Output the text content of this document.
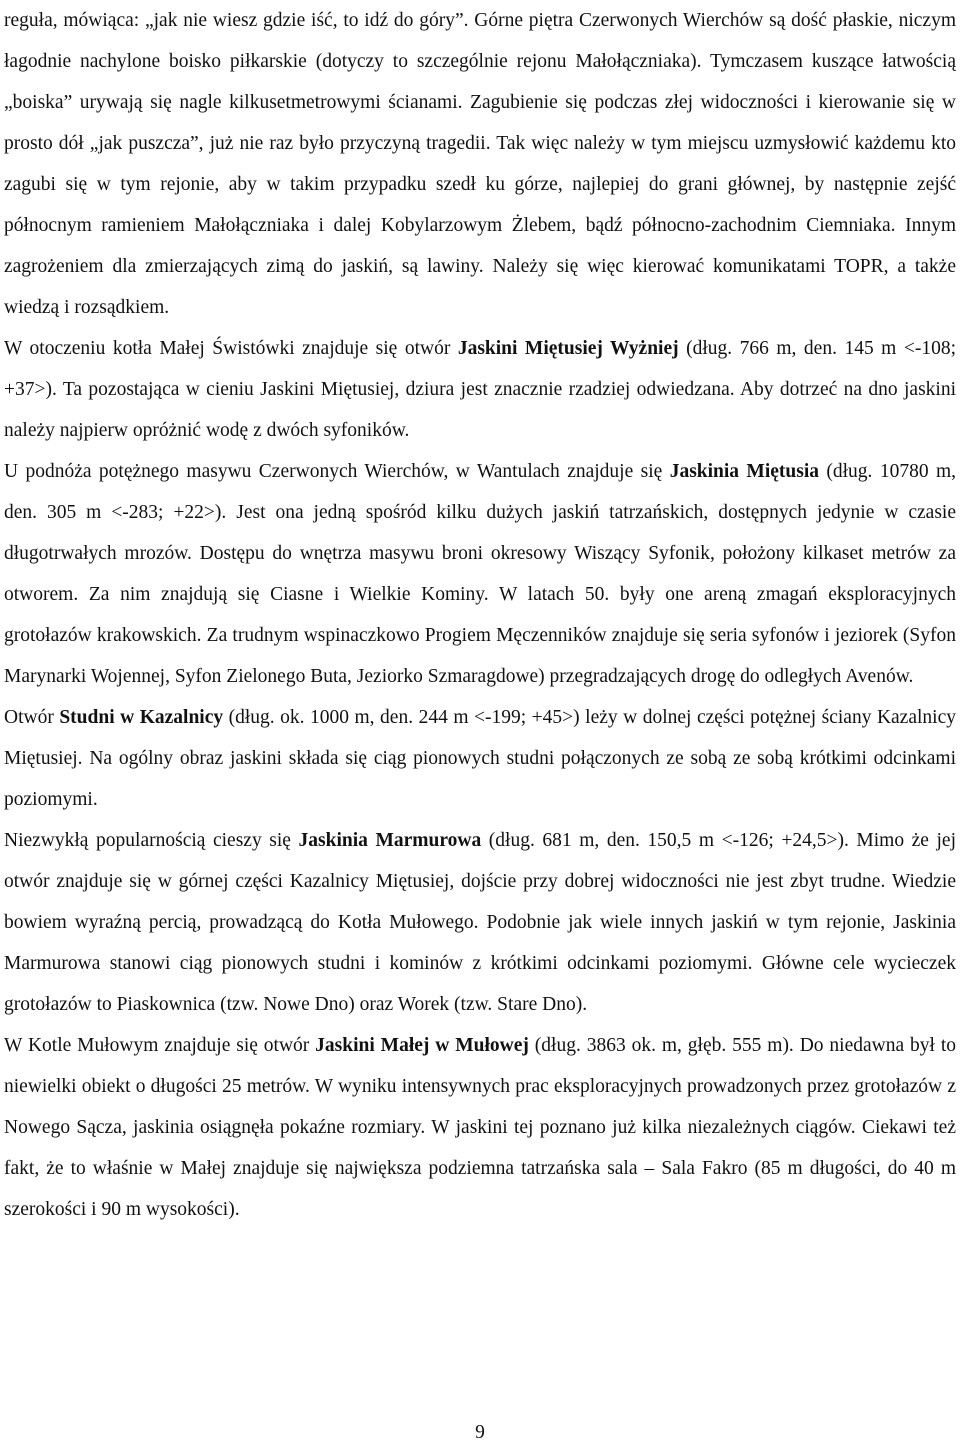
reguła, mówiąca: „jak nie wiesz gdzie iść, to idź do góry”. Górne piętra Czerwonych Wierchów są dość płaskie, niczym łagodnie nachylone boisko piłkarskie (dotyczy to szczególnie rejonu Małołączniaka). Tymczasem kuszące łatwością „boiska” urywają się nagle kilkusetmetrowymi ścianami. Zagubienie się podczas złej widoczności i kierowanie się w prosto dół „jak puszcza”, już nie raz było przyczyną tragedii. Tak więc należy w tym miejscu uzmysłowić każdemu kto zagubi się w tym rejonie, aby w takim przypadku szedł ku górze, najlepiej do grani głównej, by następnie zejść północnym ramieniem Małołączniaka i dalej Kobylarzowym Żlebem, bądź północno-zachodnim Ciemniaka. Innym zagrożeniem dla zmierzających zimą do jaskiń, są lawiny. Należy się więc kierować komunikatami TOPR, a także wiedzą i rozsądkiem.

W otoczeniu kotła Małej Świstówki znajduje się otwór Jaskini Miętusiej Wyżniej (dług. 766 m, den. 145 m <-108; +37>). Ta pozostająca w cieniu Jaskini Miętusiej, dziura jest znacznie rzadziej odwiedzana. Aby dotrzeć na dno jaskini należy najpierw opróżnić wodę z dwóch syfoników.

U podnóża potężnego masywu Czerwonych Wierchów, w Wantulach znajduje się Jaskinia Miętusia (dług. 10780 m, den. 305 m <-283; +22>). Jest ona jedną spośród kilku dużych jaskiń tatrzańskich, dostępnych jedynie w czasie długotrwałych mrozów. Dostępu do wnętrza masywu broni okresowy Wiszący Syfonik, położony kilkaset metrów za otworem. Za nim znajdują się Ciasne i Wielkie Kominy. W latach 50. były one areną zmagań eksploracyjnych grotołazów krakowskich. Za trudnym wspinaczkowo Progiem Męczenników znajduje się seria syfonów i jeziorek (Syfon Marynarki Wojennej, Syfon Zielonego Buta, Jeziorko Szmaragdowe) przegradzających drogę do odległych Avenów.

Otwór Studni w Kazalnicy (dług. ok. 1000 m, den. 244 m <-199; +45>) leży w dolnej części potężnej ściany Kazalnicy Miętusiej. Na ogólny obraz jaskini składa się ciąg pionowych studni połączonych ze sobą ze sobą krótkimi odcinkami poziomymi.

Niezwykłą popularnością cieszy się Jaskinia Marmurowa (dług. 681 m, den. 150,5 m <-126; +24,5>). Mimo że jej otwór znajduje się w górnej części Kazalnicy Miętusiej, dojście przy dobrej widoczności nie jest zbyt trudne. Wiedzie bowiem wyraźną percią, prowadzącą do Kotła Mułowego. Podobnie jak wiele innych jaskiń w tym rejonie, Jaskinia Marmurowa stanowi ciąg pionowych studni i kominów z krótkimi odcinkami poziomymi. Główne cele wycieczek grotołazów to Piaskownica (tzw. Nowe Dno) oraz Worek (tzw. Stare Dno).

W Kotle Mułowym znajduje się otwór Jaskini Małej w Mułowej (dług. 3863 ok. m, głęb. 555 m). Do niedawna był to niewielki obiekt o długości 25 metrów. W wyniku intensywnych prac eksploracyjnych prowadzonych przez grotołazów z Nowego Sącza, jaskinia osiągnęła pokaźne rozmiary. W jaskini tej poznano już kilka niezależnych ciągów. Ciekawi też fakt, że to właśnie w Małej znajduje się największa podziemna tatrzańska sala – Sala Fakro (85 m długości, do 40 m szerokości i 90 m wysokości).

9
